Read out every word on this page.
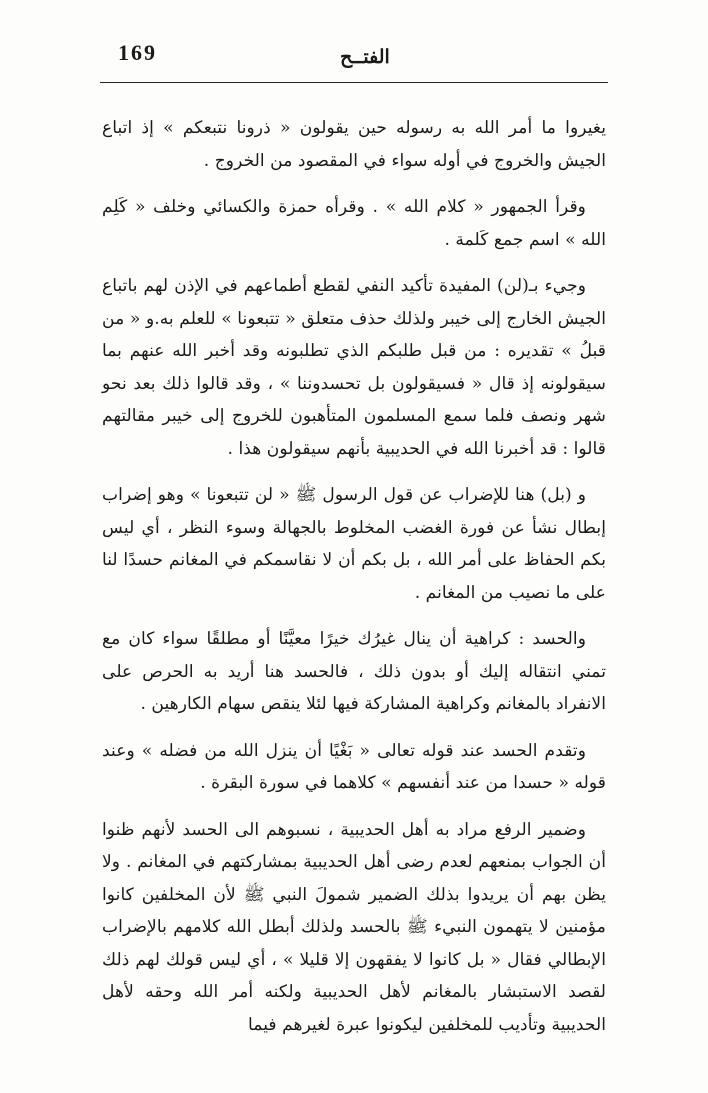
169	الفتــح

يغيروا ما أمر الله به رسوله حين يقولون « ذرونا نتبعكم » إذ اتباع الجيش والخروج في أوله سواء في المقصود من الخروج .

وقرأ الجمهور « كلام الله » . وقرأه حمزة والكسائي وخلف « كَلِم الله » اسم جمع كَلمة .

وجيء بـ(لن) المفيدة تأكيد النفي لقطع أطماعهم في الإذن لهم باتباع الجيش الخارج إلى خيبر ولذلك حذف متعلق « تتبعونا » للعلم به.و « من قبلُ » تقديره : من قبل طلبكم الذي تطلبونه وقد أخبر الله عنهم بما سيقولونه إذ قال « فسيقولون بل تحسدوننا » ، وقد قالوا ذلك بعد نحو شهر ونصف فلما سمع المسلمون المتأهبون للخروج إلى خيبر مقالتهم قالوا : قد أخبرنا الله في الحديبية بأنهم سيقولون هذا .

و (بل) هنا للإضراب عن قول الرسول ﷺ « لن تتبعونا » وهو إضراب إبطال نشأ عن فورة الغضب المخلوط بالجهالة وسوء النظر ، أي ليس بكم الحفاظ على أمر الله ، بل بكم أن لا نقاسمكم في المغانم حسدًا لنا على ما نصيب من المغانم .

والحسد : كراهية أن ينال غيرُك خيرًا معيَّنًا أو مطلقًا سواء كان مع تمني انتقاله إليك أو بدون ذلك ، فالحسد هنا أريد به الحرص على الانفراد بالمغانم وكراهية المشاركة فيها لئلا ينقص سهام الكارهين .

وتقدم الحسد عند قوله تعالى « بَغْيًا أن ينزل الله من فضله » وعند قوله « حسدا من عند أنفسهم » كلاهما في سورة البقرة .

وضمير الرفع مراد به أهل الحديبية ، نسبوهم الى الحسد لأنهم ظنوا أن الجواب بمنعهم لعدم رضى أهل الحديبية بمشاركتهم في المغانم . ولا يظن بهم أن يريدوا بذلك الضمير شمولَ النبي ﷺ لأن المخلفين كانوا مؤمنين لا يتهمون النبيء ﷺ بالحسد ولذلك أبطل الله كلامهم بالإضراب الإبطالي فقال « بل كانوا لا يفقهون إلا قليلا » ، أي ليس قولك لهم ذلك لقصد الاستبشار بالمغانم لأهل الحديبية ولكنه أمر الله وحقه لأهل الحديبية وتأديب للمخلفين ليكونوا عبرة لغيرهم فيما
